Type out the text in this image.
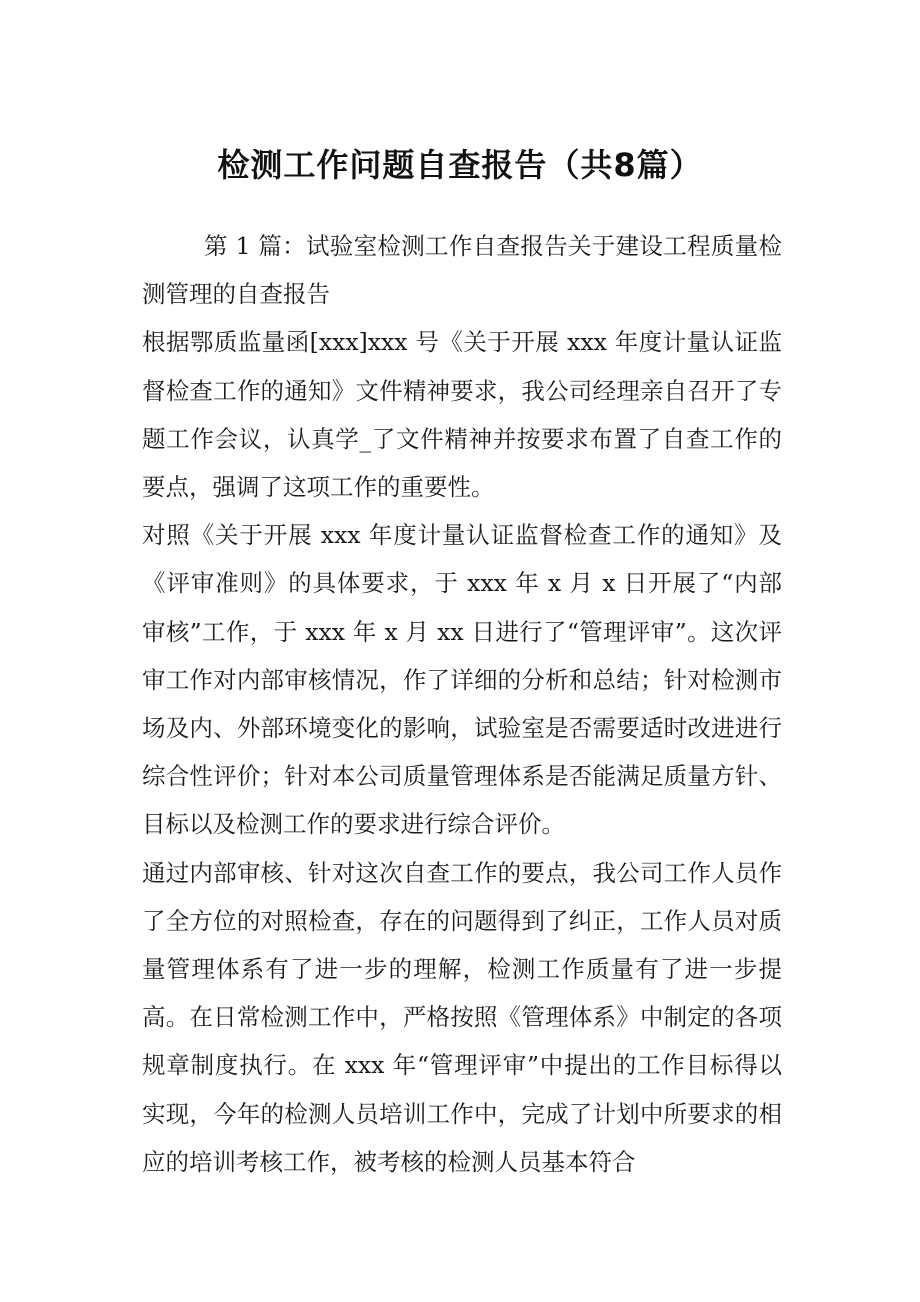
检测工作问题自查报告（共8篇）

第 1 篇：试验室检测工作自查报告关于建设工程质量检测管理的自查报告

根据鄂质监量函[xxx]xxx 号《关于开展 xxx 年度计量认证监督检查工作的通知》文件精神要求，我公司经理亲自召开了专题工作会议，认真学_了文件精神并按要求布置了自查工作的要点，强调了这项工作的重要性。

对照《关于开展 xxx 年度计量认证监督检查工作的通知》及《评审准则》的具体要求，于 xxx 年 x 月 x 日开展了“内部审核”工作，于 xxx 年 x 月 xx 日进行了“管理评审”。这次评审工作对内部审核情况，作了详细的分析和总结；针对检测市场及内、外部环境变化的影响，试验室是否需要适时改进进行综合性评价；针对本公司质量管理体系是否能满足质量方针、目标以及检测工作的要求进行综合评价。

通过内部审核、针对这次自查工作的要点，我公司工作人员作了全方位的对照检查，存在的问题得到了纠正，工作人员对质量管理体系有了进一步的理解，检测工作质量有了进一步提高。在日常检测工作中，严格按照《管理体系》中制定的各项规章制度执行。在 xxx 年“管理评审”中提出的工作目标得以实现，今年的检测人员培训工作中，完成了计划中所要求的相应的培训考核工作，被考核的检测人员基本符合
